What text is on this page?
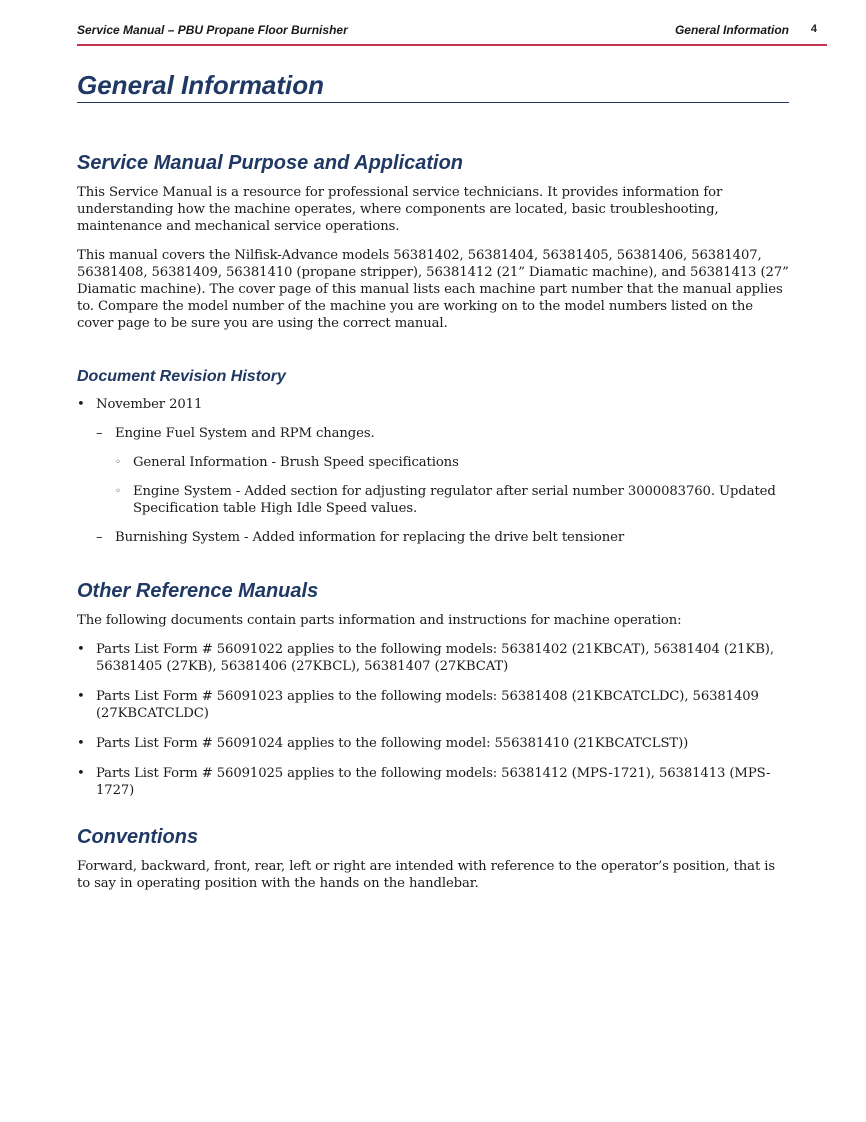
Service Manual – PBU Propane Floor Burnisher	General Information 4
General Information
Service Manual Purpose and Application

This Service Manual is a resource for professional service technicians. It provides information for understanding how the machine operates, where components are located, basic troubleshooting, maintenance and mechanical service operations.

This manual covers the Nilfisk-Advance models 56381402, 56381404, 56381405, 56381406, 56381407, 56381408, 56381409, 56381410 (propane stripper), 56381412 (21” Diamatic machine), and 56381413 (27” Diamatic machine). The cover page of this manual lists each machine part number that the manual applies to. Compare the model number of the machine you are working on to the model numbers listed on the cover page to be sure you are using the correct manual.

Document Revision History
• November 2011
– Engine Fuel System and RPM changes.
◦ General Information - Brush Speed specifications
◦ Engine System - Added section for adjusting regulator after serial number 3000083760. Updated Specification table High Idle Speed values.
– Burnishing System - Added information for replacing the drive belt tensioner
Other Reference Manuals

The following documents contain parts information and instructions for machine operation:

• Parts List Form # 56091022 applies to the following models: 56381402 (21KBCAT), 56381404 (21KB), 56381405 (27KB), 56381406 (27KBCL), 56381407 (27KBCAT)
• Parts List Form # 56091023 applies to the following models: 56381408 (21KBCATCLDC), 56381409 (27KBCATCLDC)
• Parts List Form # 56091024 applies to the following model: 556381410 (21KBCATCLST))
• Parts List Form # 56091025 applies to the following models: 56381412 (MPS-1721), 56381413 (MPS-1727)
Conventions

Forward, backward, front, rear, left or right are intended with reference to the operator’s position, that is to say in operating position with the hands on the handlebar.
